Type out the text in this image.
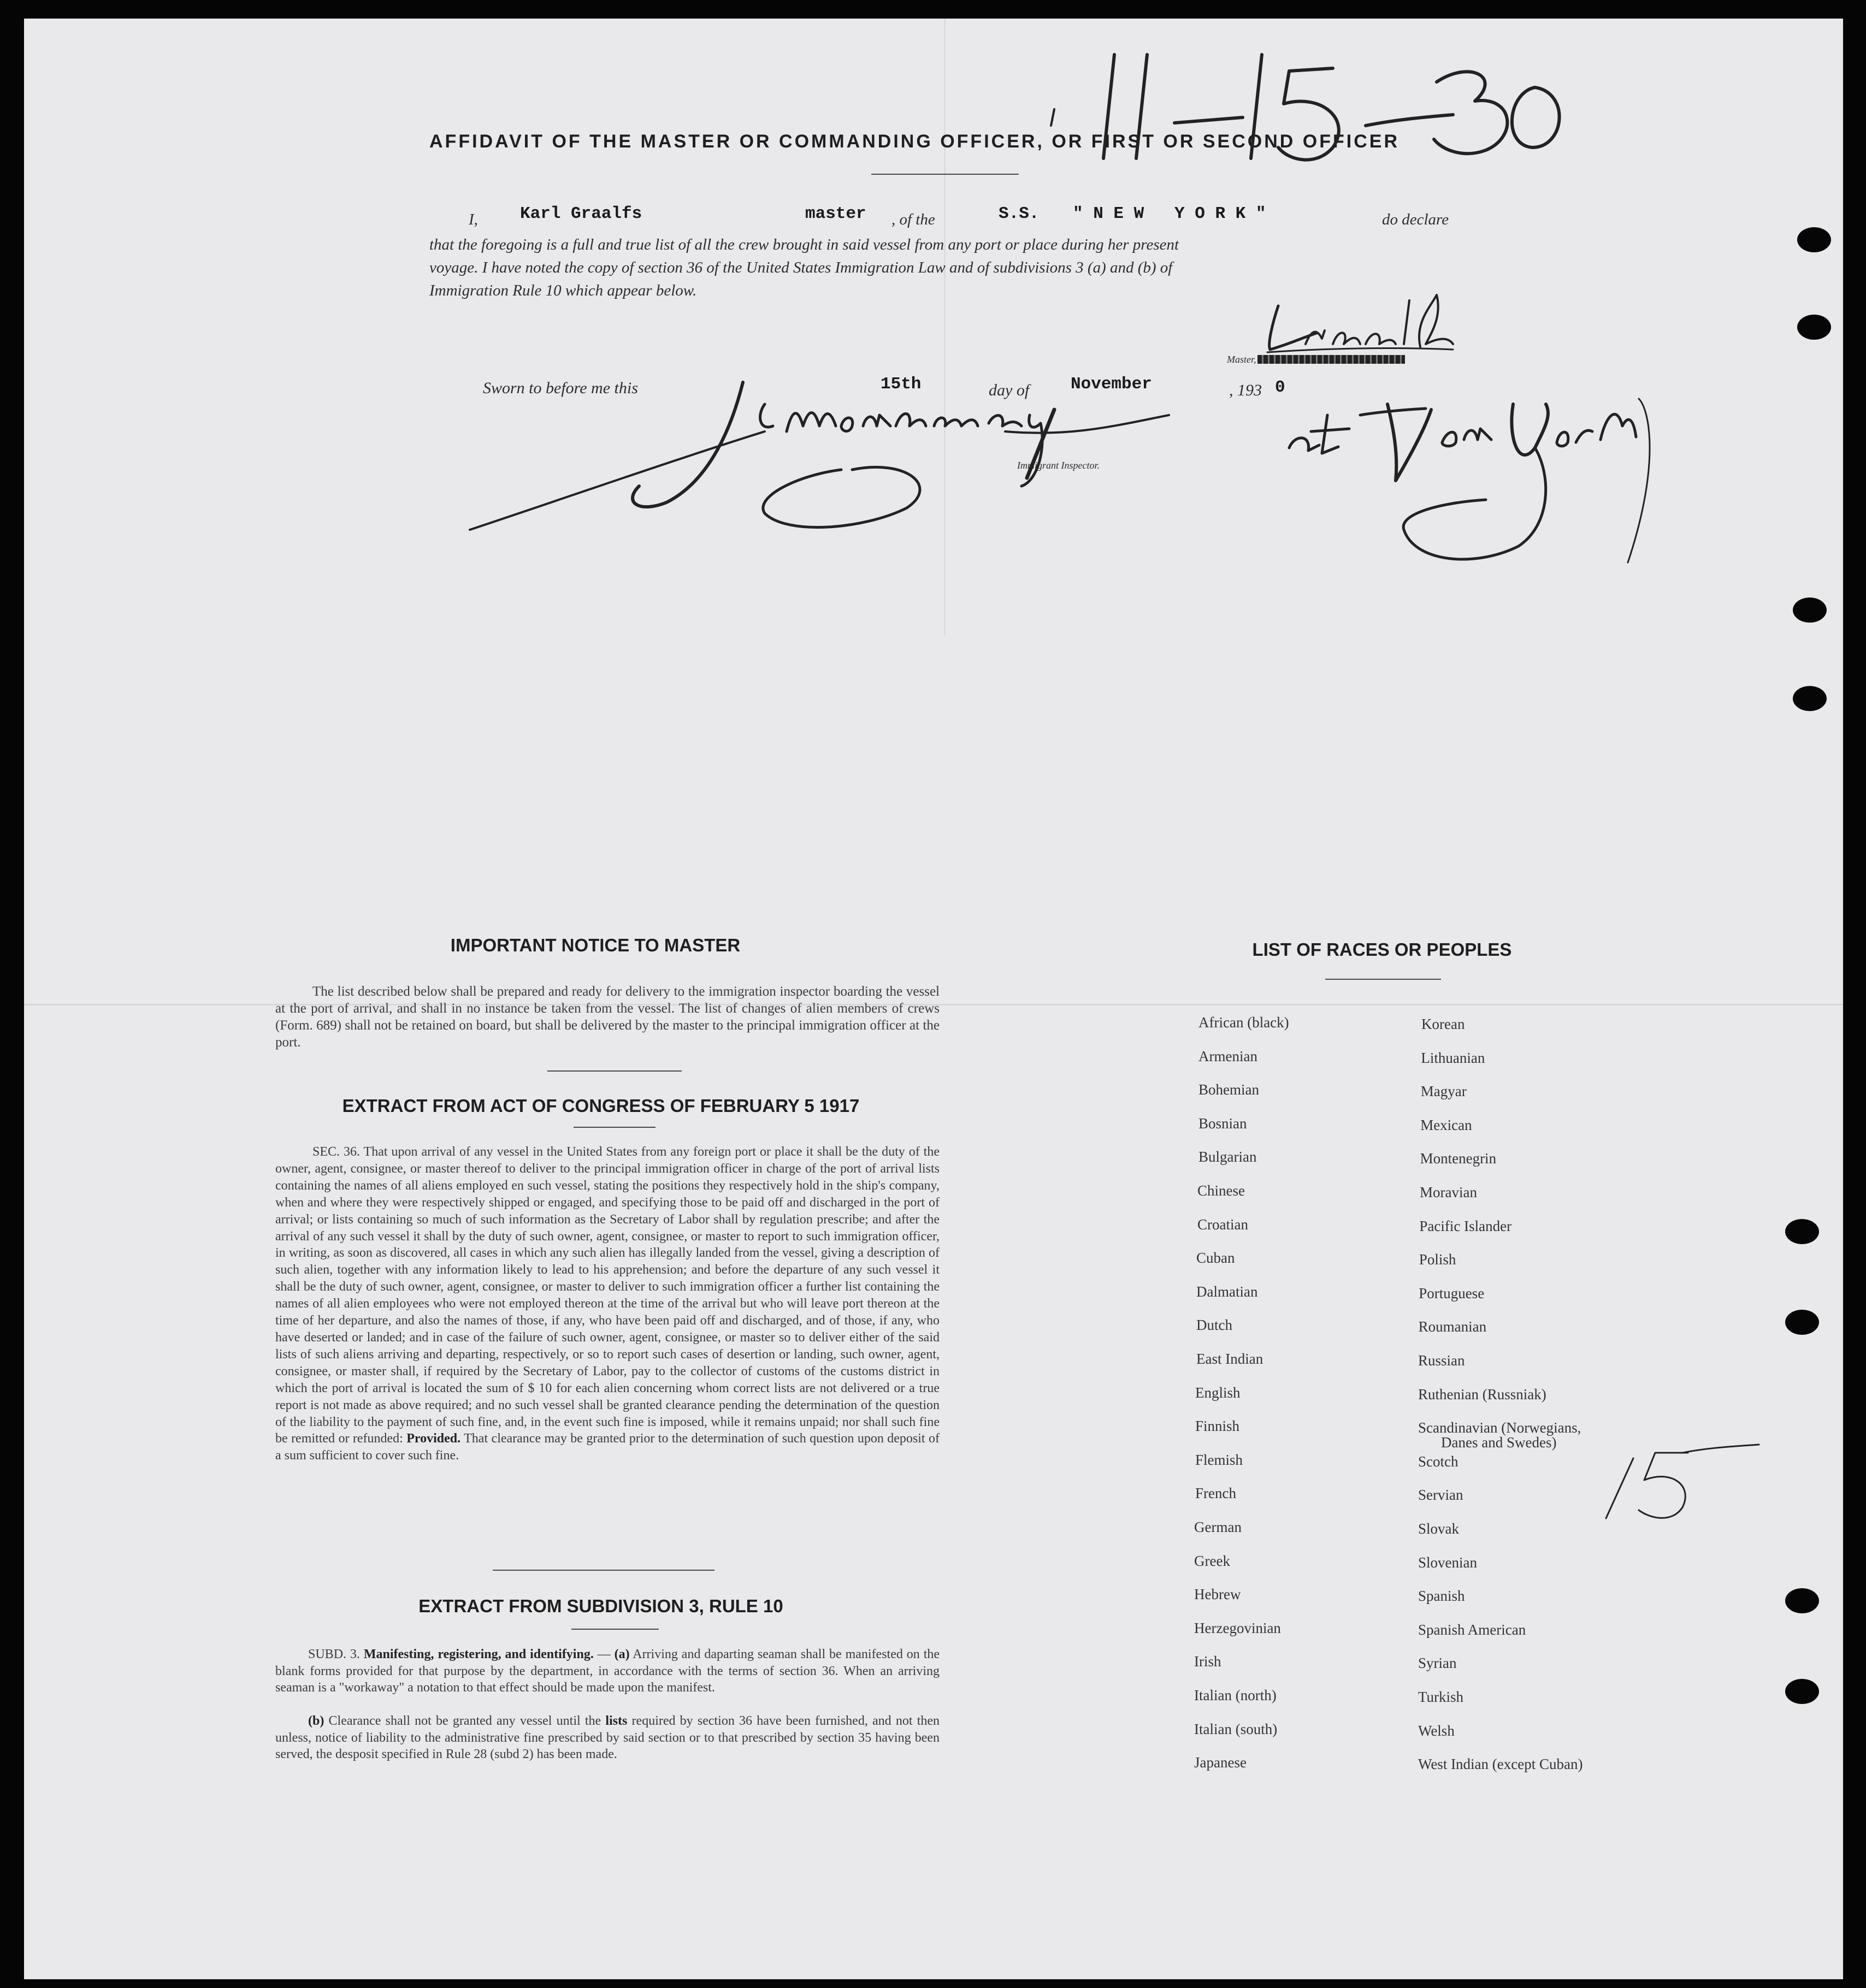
AFFIDAVIT OF THE MASTER OR COMMANDING OFFICER, OR FIRST OR SECOND OFFICER
I, Karl Graalfs	master , of the	S.S. " N E W   Y O R K "	do declare
that the foregoing is a full and true list of all the crew brought in said vessel from any port or place during her present
voyage. I have noted the copy of section 36 of the United States Immigration Law and of subdivisions 3 (a) and (b) of
Immigration Rule 10 which appear below.
Master,
Sworn to before me this	15th	day of November	, 193 0
Immigrant Inspector.
IMPORTANT NOTICE TO MASTER
The list described below shall be prepared and ready for delivery to the immigration inspector boarding the vessel at the port of arrival, and shall in no instance be taken from the vessel. The list of changes of alien members of crews (Form. 689) shall not be retained on board, but shall be delivered by the master to the principal immigration officer at the port.
EXTRACT FROM ACT OF CONGRESS OF FEBRUARY 5 1917
SEC. 36. That upon arrival of any vessel in the United States from any foreign port or place it shall be the duty of the owner, agent, consignee, or master thereof to deliver to the principal immigration officer in charge of the port of arrival lists containing the names of all aliens employed en such vessel, stating the positions they respectively hold in the ship's company, when and where they were respectively shipped or engaged, and specifying those to be paid off and discharged in the port of arrival; or lists containing so much of such information as the Secretary of Labor shall by regulation prescribe; and after the arrival of any such vessel it shall by the duty of such owner, agent, consignee, or master to report to such immigration officer, in writing, as soon as discovered, all cases in which any such alien has illegally landed from the vessel, giving a description of such alien, together with any information likely to lead to his apprehension; and before the departure of any such vessel it shall be the duty of such owner, agent, consignee, or master to deliver to such immigration officer a further list containing the names of all alien employees who were not employed thereon at the time of the arrival but who will leave port thereon at the time of her departure, and also the names of those, if any, who have been paid off and discharged, and of those, if any, who have deserted or landed; and in case of the failure of such owner, agent, consignee, or master so to deliver either of the said lists of such aliens arriving and departing, respectively, or so to report such cases of desertion or landing, such owner, agent, consignee, or master shall, if required by the Secretary of Labor, pay to the collector of customs of the customs district in which the port of arrival is located the sum of $ 10 for each alien concerning whom correct lists are not delivered or a true report is not made as above required; and no such vessel shall be granted clearance pending the determination of the question of the liability to the payment of such fine, and, in the event such fine is imposed, while it remains unpaid; nor shall such fine be remitted or refunded: Provided. That clearance may be granted prior to the determination of such question upon deposit of a sum sufficient to cover such fine.
EXTRACT FROM SUBDIVISION 3, RULE 10
SUBD. 3. Manifesting, registering, and identifying. — (a) Arriving and daparting seaman shall be manifested on the blank forms provided for that purpose by the department, in accordance with the terms of section 36. When an arriving seaman is a "workaway" a notation to that effect should be made upon the manifest.
(b) Clearance shall not be granted any vessel until the lists required by section 36 have been furnished, and not then unless, notice of liability to the administrative fine prescribed by said section or to that prescribed by section 35 having been served, the desposit specified in Rule 28 (subd 2) has been made.
LIST OF RACES OR PEOPLES
African (black)
Armenian
Bohemian
Bosnian
Bulgarian
Chinese
Croatian
Cuban
Dalmatian
Dutch
East Indian
English
Finnish
Flemish
French
German
Greek
Hebrew
Herzegovinian
Irish
Italian (north)
Italian (south)
Japanese
Korean
Lithuanian
Magyar
Mexican
Montenegrin
Moravian
Pacific Islander
Polish
Portuguese
Roumanian
Russian
Ruthenian (Russniak)
Scandinavian (Norwegians,
Scotch
Servian
Slovak
Slovenian
Spanish
Spanish American
Syrian
Turkish
Welsh
West Indian (except Cuban)
Danes and Swedes)
